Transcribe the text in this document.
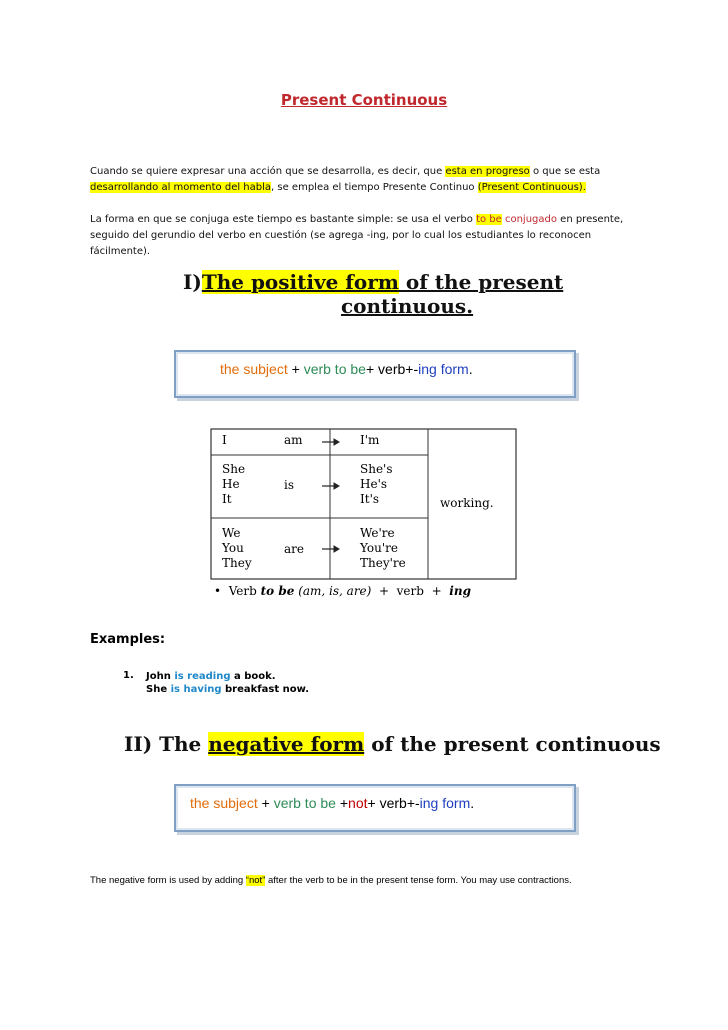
Present Continuous
Cuando se quiere expresar una acción que se desarrolla, es decir, que esta en progreso o que se esta
desarrollando al momento del habla, se emplea el tiempo Presente Continuo (Present Continuous).
La forma en que se conjuga este tiempo es bastante simple: se usa el verbo to be conjugado en presente, seguido del gerundio del verbo en cuestión (se agrega -ing, por lo cual los estudiantes lo reconocen fácilmente).
I)The positive form of the present
continuous.
the subject + verb to be+ verb+-ing form.
I	am	I'm
She
He
It
is
She's
He's
It's
We
You
They
are
We're
You're
They're
working.
• Verb to be (am, is, are)  +  verb  +  ing
Examples:
1. John is reading a book.
She is having breakfast now.
II) The negative form of the present continuous
the subject + verb to be +not+ verb+-ing form.
The negative form is used by adding “not” after the verb to be in the present tense form. You may use contractions.
